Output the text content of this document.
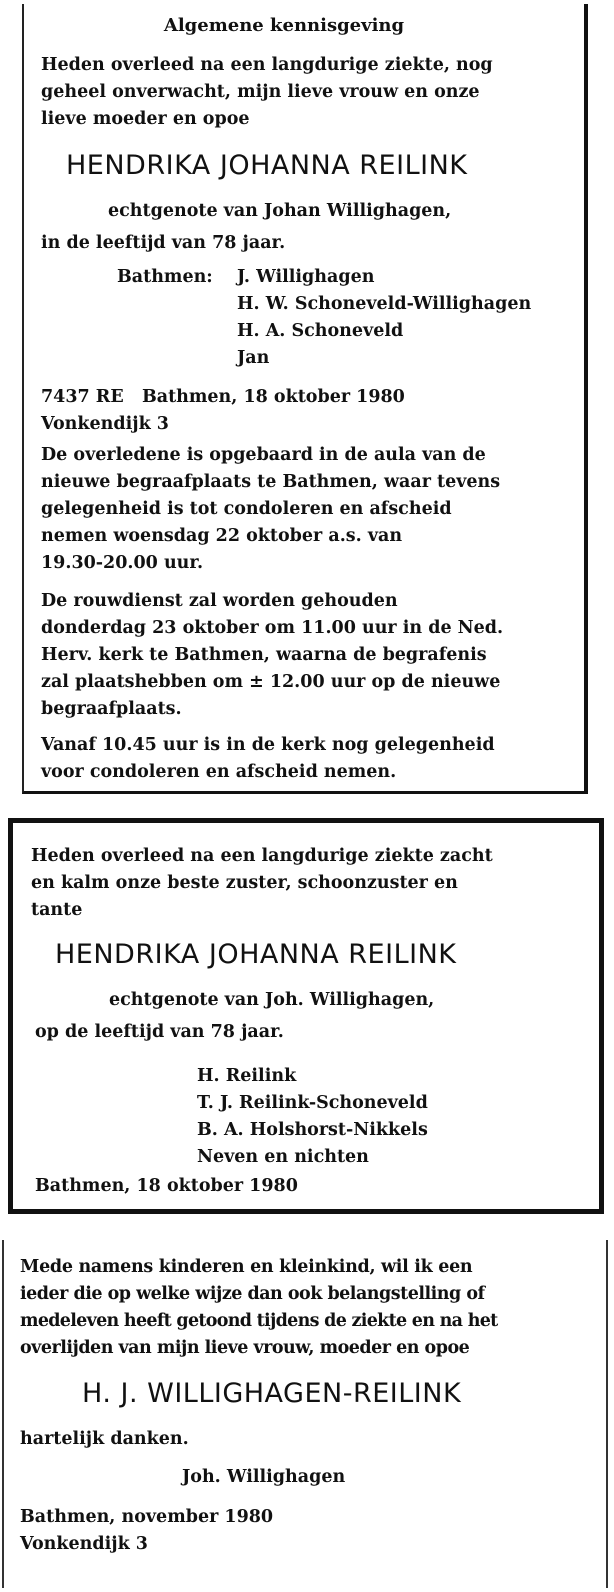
Algemene kennisgeving

Heden overleed na een langdurige ziekte, nog

geheel onverwacht, mijn lieve vrouw en onze

lieve moeder en opoe

HENDRIKA JOHANNA REILINK

echtgenote van Johan Willighagen,

in de leeftijd van 78 jaar.

Bathmen:	J. Willighagen

H. W. Schoneveld-Willighagen

H. A. Schoneveld

Jan

7437 RE   Bathmen, 18 oktober 1980

Vonkendijk 3

De overledene is opgebaard in de aula van de

nieuwe begraafplaats te Bathmen, waar tevens

gelegenheid is tot condoleren en afscheid

nemen woensdag 22 oktober a.s. van

19.30-20.00 uur.

De rouwdienst zal worden gehouden

donderdag 23 oktober om 11.00 uur in de Ned.

Herv. kerk te Bathmen, waarna de begrafenis

zal plaatshebben om ± 12.00 uur op de nieuwe

begraafplaats.

Vanaf 10.45 uur is in de kerk nog gelegenheid

voor condoleren en afscheid nemen.

Heden overleed na een langdurige ziekte zacht

en kalm onze beste zuster, schoonzuster en

tante

HENDRIKA JOHANNA REILINK

echtgenote van Joh. Willighagen,

op de leeftijd van 78 jaar.

H. Reilink

T. J. Reilink-Schoneveld

B. A. Holshorst-Nikkels

Neven en nichten

Bathmen, 18 oktober 1980

Mede namens kinderen en kleinkind, wil ik een

ieder die op welke wijze dan ook belangstelling of

medeleven heeft getoond tijdens de ziekte en na het

overlijden van mijn lieve vrouw, moeder en opoe

H. J. WILLIGHAGEN-REILINK

hartelijk danken.

Joh. Willighagen

Bathmen, november 1980

Vonkendijk 3
